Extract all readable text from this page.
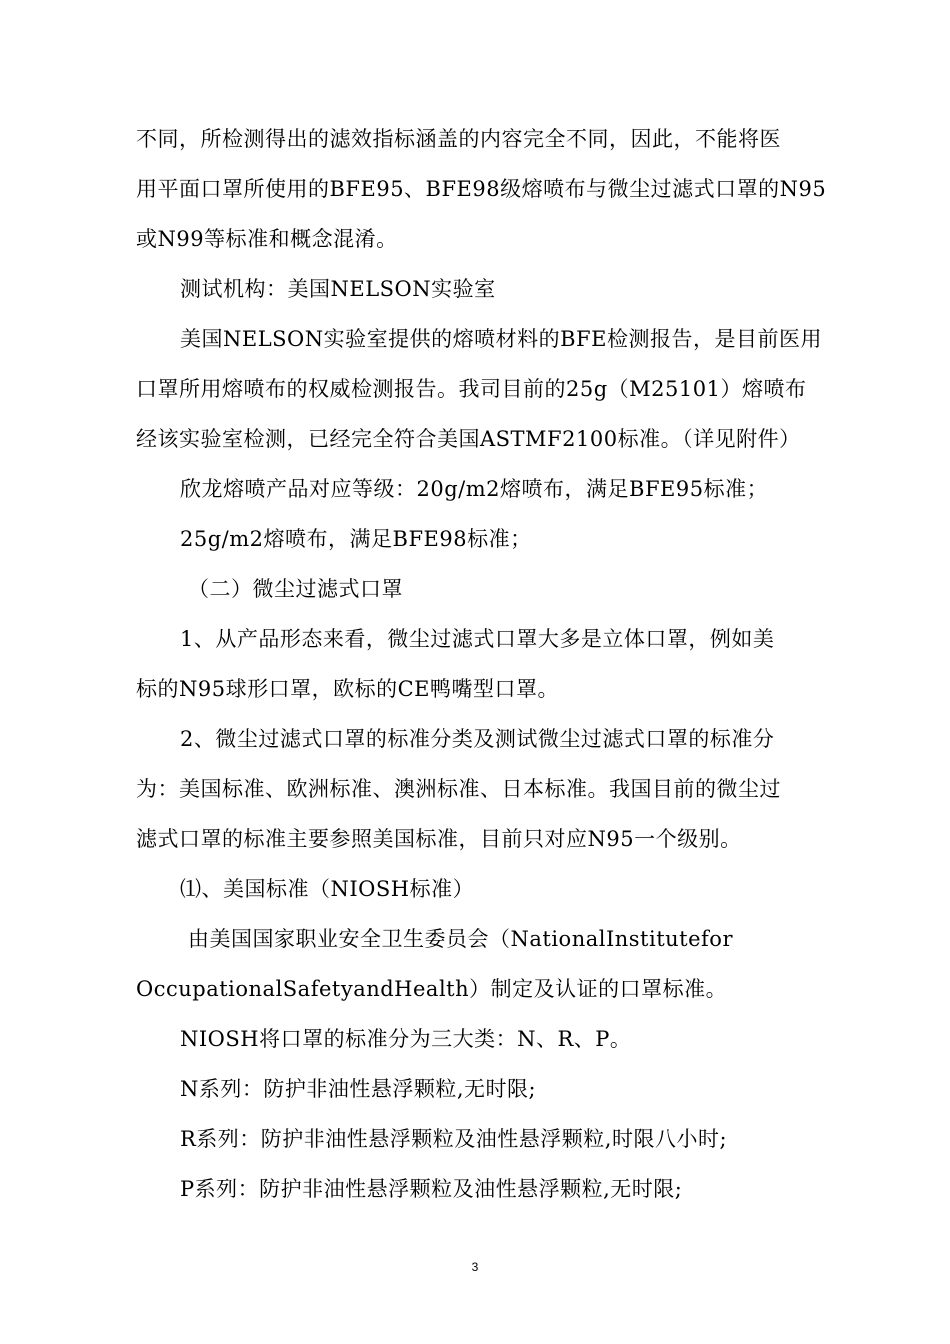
不同，所检测得出的滤效指标涵盖的内容完全不同，因此，不能将医
用平面口罩所使用的BFE95、BFE98级熔喷布与微尘过滤式口罩的N95
或N99等标准和概念混淆。
测试机构：美国NELSON实验室
美国NELSON实验室提供的熔喷材料的BFE检测报告，是目前医用
口罩所用熔喷布的权威检测报告。我司目前的25g（M25101）熔喷布
经该实验室检测，已经完全符合美国ASTMF2100标准。（详见附件）
欣龙熔喷产品对应等级：20g/m2熔喷布，满足BFE95标准；
25g/m2熔喷布，满足BFE98标准；
（二）微尘过滤式口罩
1、从产品形态来看，微尘过滤式口罩大多是立体口罩，例如美
标的N95球形口罩，欧标的CE鸭嘴型口罩。
2、微尘过滤式口罩的标准分类及测试微尘过滤式口罩的标准分
为：美国标准、欧洲标准、澳洲标准、日本标准。我国目前的微尘过
滤式口罩的标准主要参照美国标准，目前只对应N95一个级别。
⑴、美国标准（NIOSH标准）
由美国国家职业安全卫生委员会（NationalInstitutefor
OccupationalSafetyandHealth）制定及认证的口罩标准。
NIOSH将口罩的标准分为三大类：N、R、P。
N系列：防护非油性悬浮颗粒,无时限;
R系列：防护非油性悬浮颗粒及油性悬浮颗粒,时限八小时;
P系列：防护非油性悬浮颗粒及油性悬浮颗粒,无时限;
3
